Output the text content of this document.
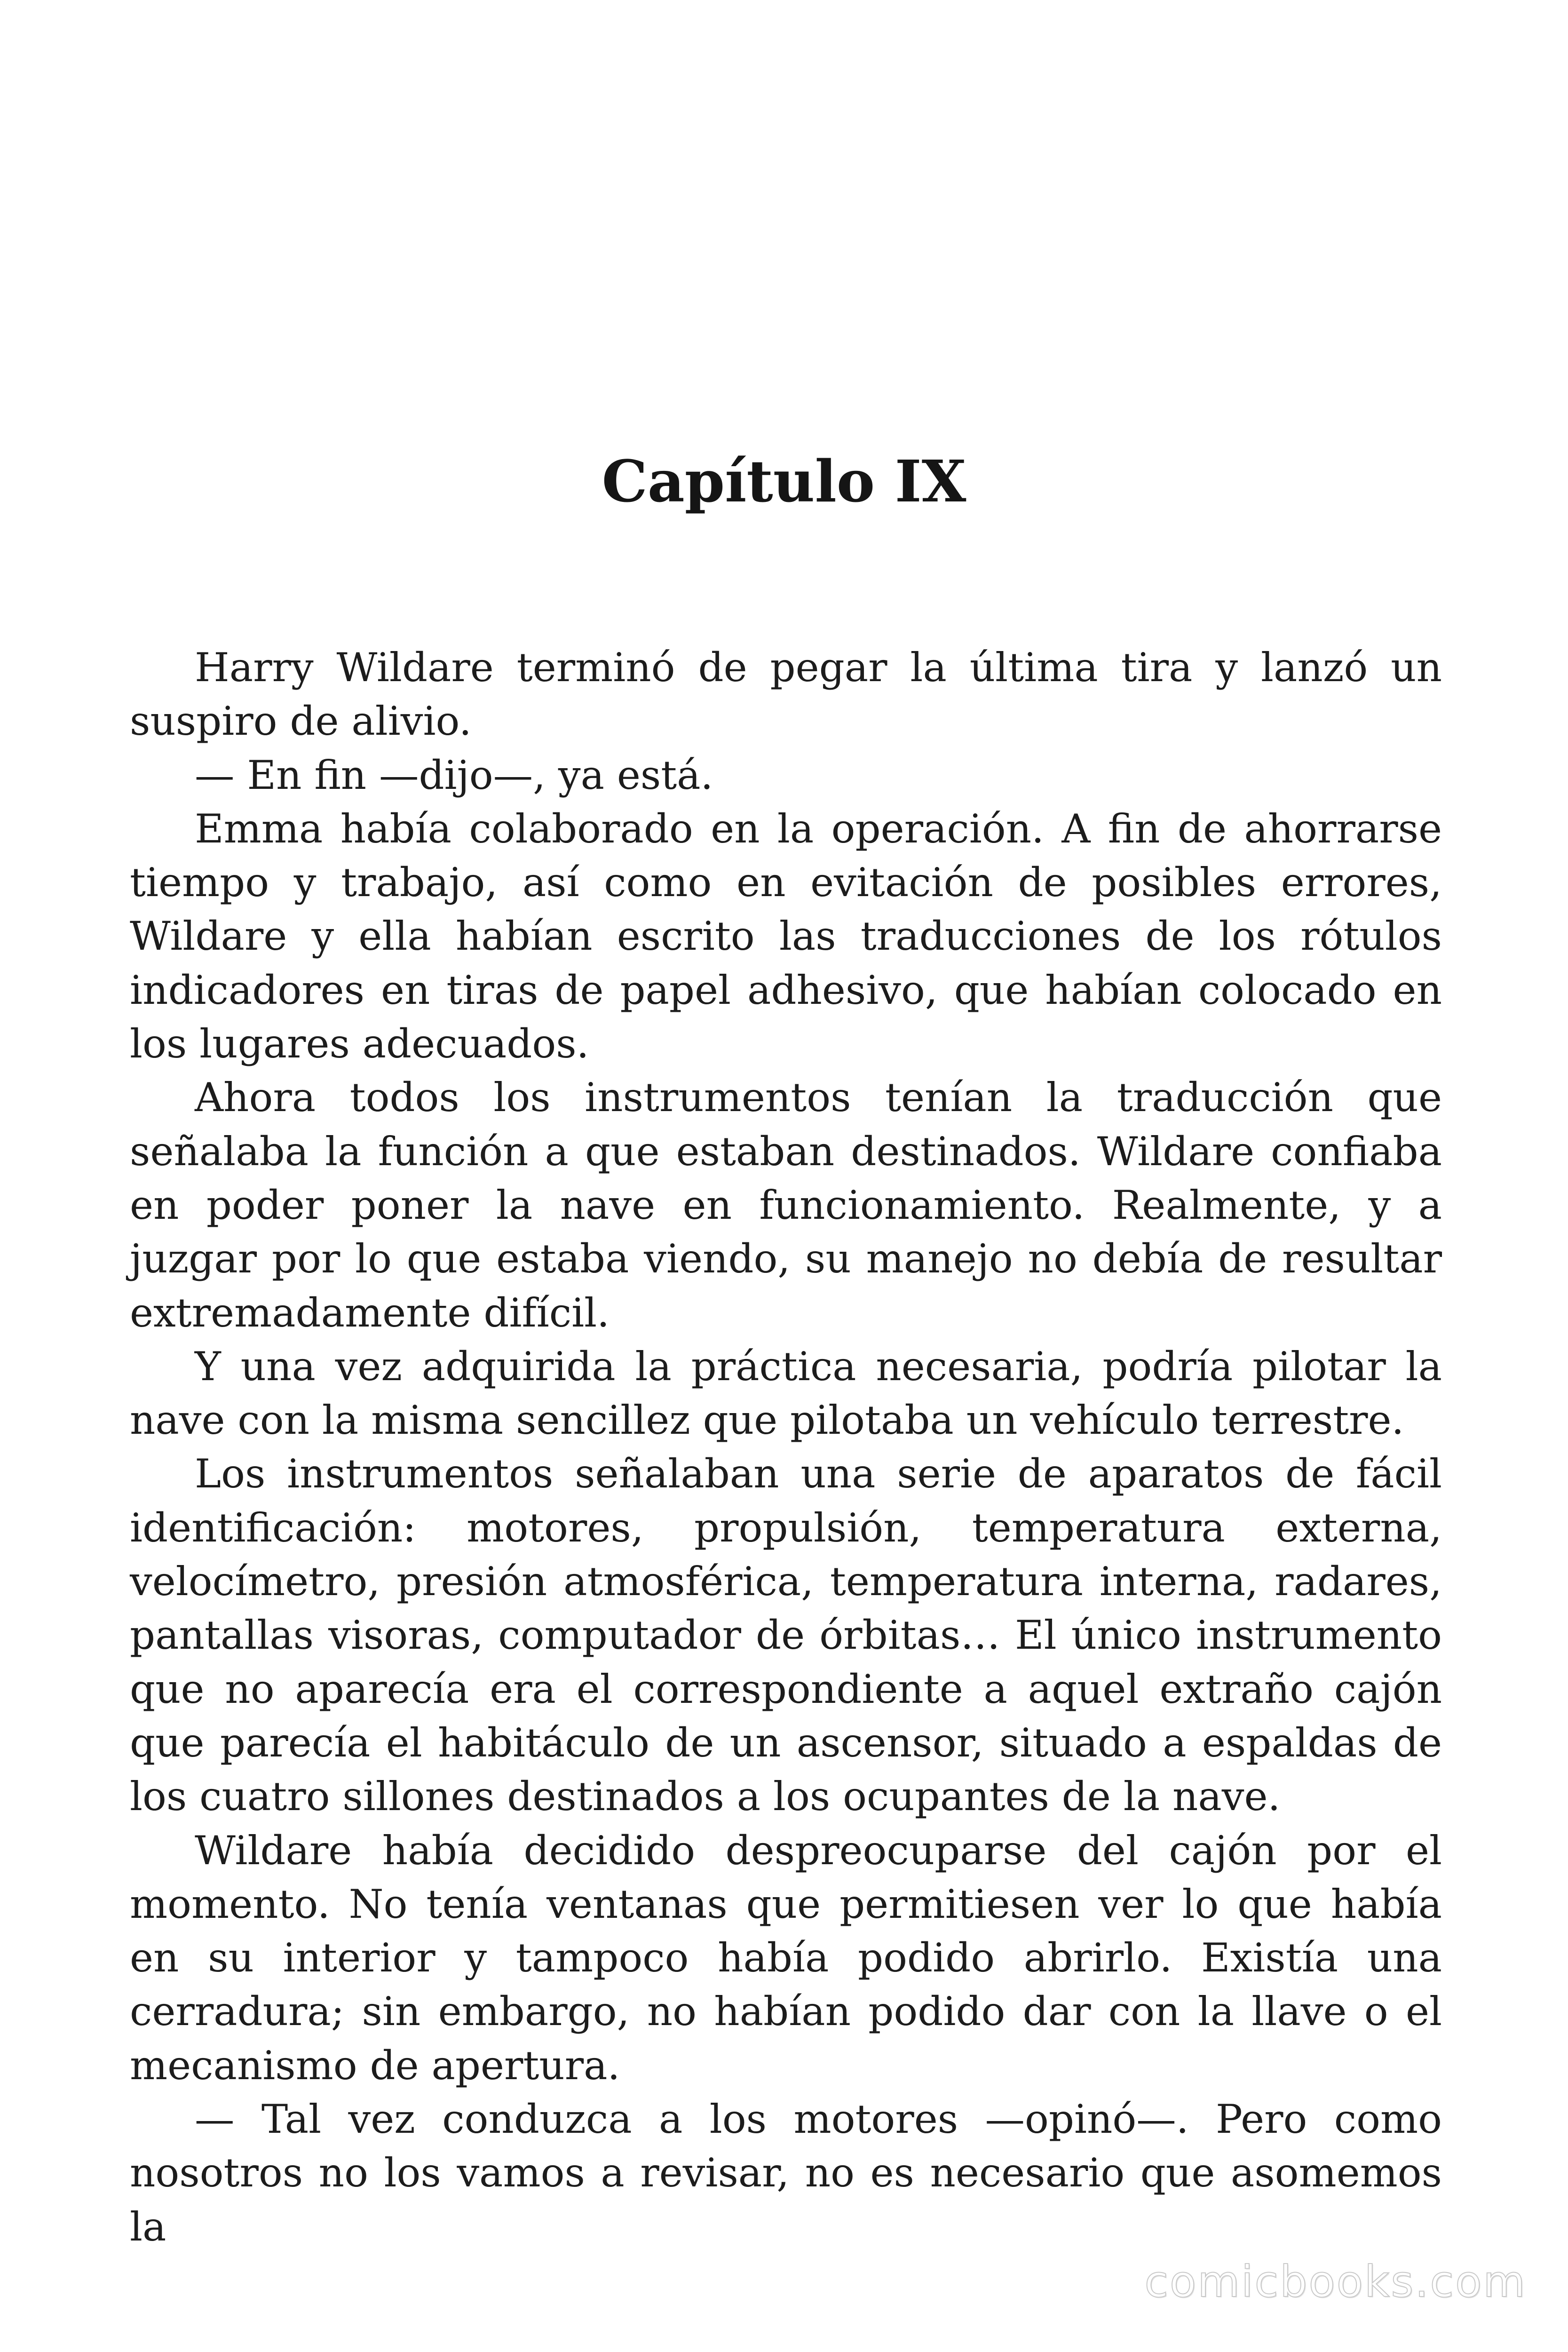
Capítulo IX

Harry Wildare terminó de pegar la última tira y lanzó un suspiro de alivio.

— En fin —dijo—, ya está.

Emma había colaborado en la operación. A fin de ahorrarse tiempo y trabajo, así como en evitación de posibles errores, Wildare y ella habían escrito las traducciones de los rótulos indicadores en tiras de papel adhesivo, que habían colocado en los lugares adecuados.

Ahora todos los instrumentos tenían la traducción que señalaba la función a que estaban destinados. Wildare confiaba en poder poner la nave en funcionamiento. Realmente, y a juzgar por lo que estaba viendo, su manejo no debía de resultar extremadamente difícil.

Y una vez adquirida la práctica necesaria, podría pilotar la nave con la misma sencillez que pilotaba un vehículo terrestre.

Los instrumentos señalaban una serie de aparatos de fácil identificación: motores, propulsión, temperatura externa, velocímetro, presión atmosférica, temperatura interna, radares, pantallas visoras, computador de órbitas… El único instrumento que no aparecía era el correspondiente a aquel extraño cajón que parecía el habitáculo de un ascensor, situado a espaldas de los cuatro sillones destinados a los ocupantes de la nave.

Wildare había decidido despreocuparse del cajón por el momento. No tenía ventanas que permitiesen ver lo que había en su interior y tampoco había podido abrirlo. Existía una cerradura; sin embargo, no habían podido dar con la llave o el mecanismo de apertura.

— Tal vez conduzca a los motores —opinó—. Pero como nosotros no los vamos a revisar, no es necesario que asomemos la

comicbooks.com
